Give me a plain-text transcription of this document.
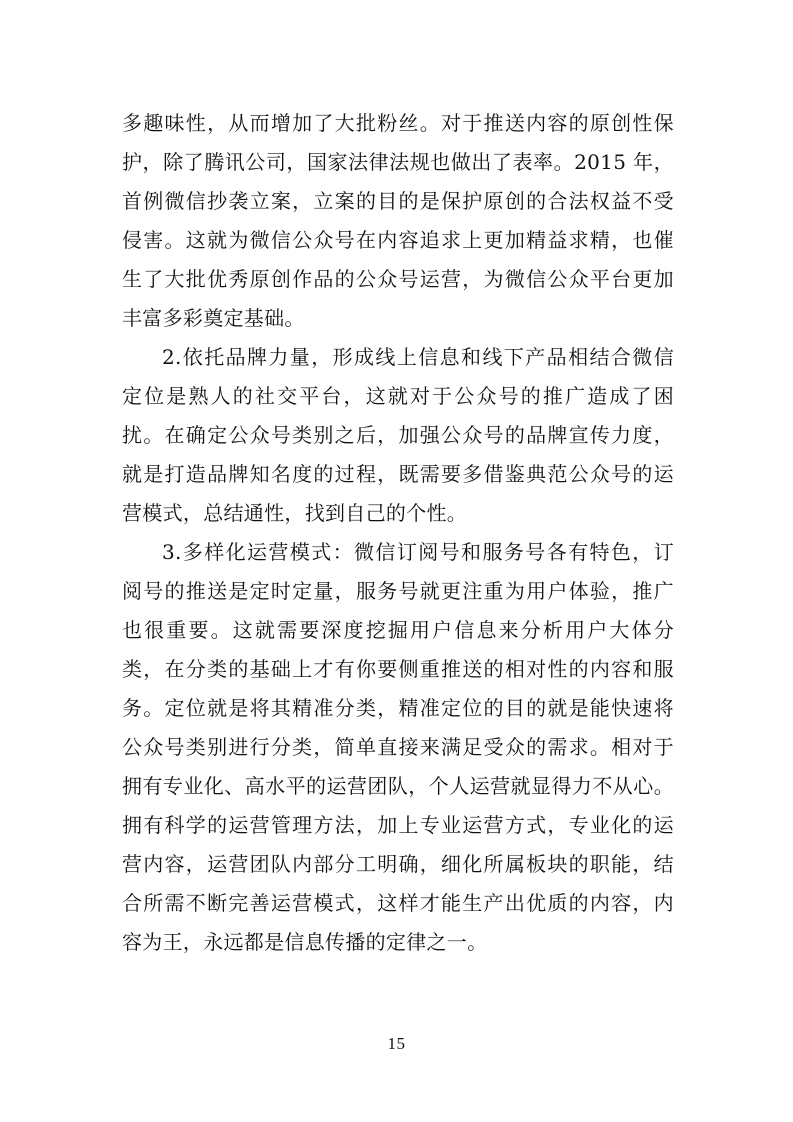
多趣味性，从而增加了大批粉丝。对于推送内容的原创性保
护，除了腾讯公司，国家法律法规也做出了表率。2015 年，
首例微信抄袭立案，立案的目的是保护原创的合法权益不受
侵害。这就为微信公众号在内容追求上更加精益求精，也催
生了大批优秀原创作品的公众号运营，为微信公众平台更加
丰富多彩奠定基础。
2.依托品牌力量，形成线上信息和线下产品相结合微信
定位是熟人的社交平台，这就对于公众号的推广造成了困
扰。在确定公众号类别之后，加强公众号的品牌宣传力度，
就是打造品牌知名度的过程，既需要多借鉴典范公众号的运
营模式，总结通性，找到自己的个性。
3.多样化运营模式：微信订阅号和服务号各有特色，订
阅号的推送是定时定量，服务号就更注重为用户体验，推广
也很重要。这就需要深度挖掘用户信息来分析用户大体分
类，在分类的基础上才有你要侧重推送的相对性的内容和服
务。定位就是将其精准分类，精准定位的目的就是能快速将
公众号类别进行分类，简单直接来满足受众的需求。相对于
拥有专业化、高水平的运营团队，个人运营就显得力不从心。
拥有科学的运营管理方法，加上专业运营方式，专业化的运
营内容，运营团队内部分工明确，细化所属板块的职能，结
合所需不断完善运营模式，这样才能生产出优质的内容，内
容为王，永远都是信息传播的定律之一。
15
